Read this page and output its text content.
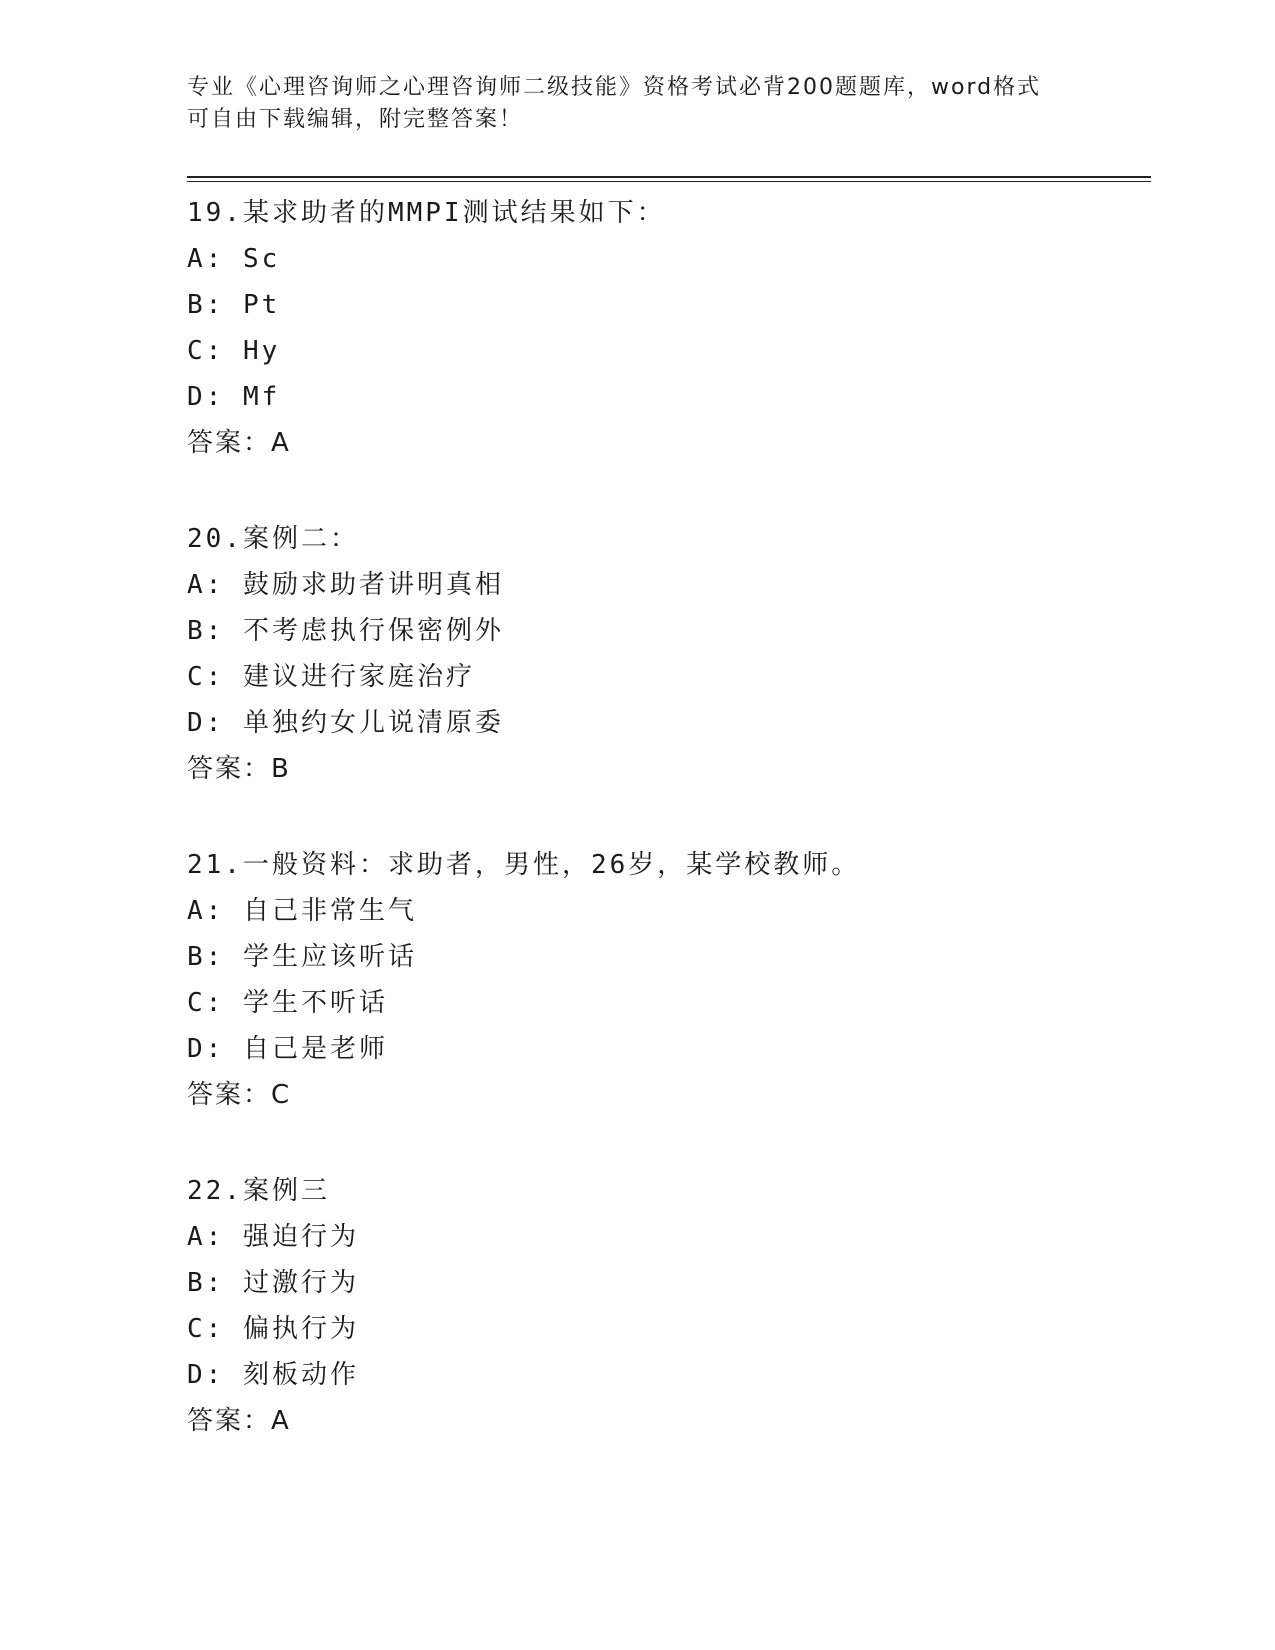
专业《心理咨询师之心理咨询师二级技能》资格考试必背200题题库，word格式
可自由下载编辑，附完整答案！
19.某求助者的MMPI测试结果如下：
A: Sc
B: Pt
C: Hy
D: Mf
答案：A
20.案例二：
A: 鼓励求助者讲明真相
B: 不考虑执行保密例外
C: 建议进行家庭治疗
D: 单独约女儿说清原委
答案：B
21.一般资料：求助者，男性，26岁，某学校教师。
A: 自己非常生气
B: 学生应该听话
C: 学生不听话
D: 自己是老师
答案：C
22.案例三
A: 强迫行为
B: 过激行为
C: 偏执行为
D: 刻板动作
答案：A
